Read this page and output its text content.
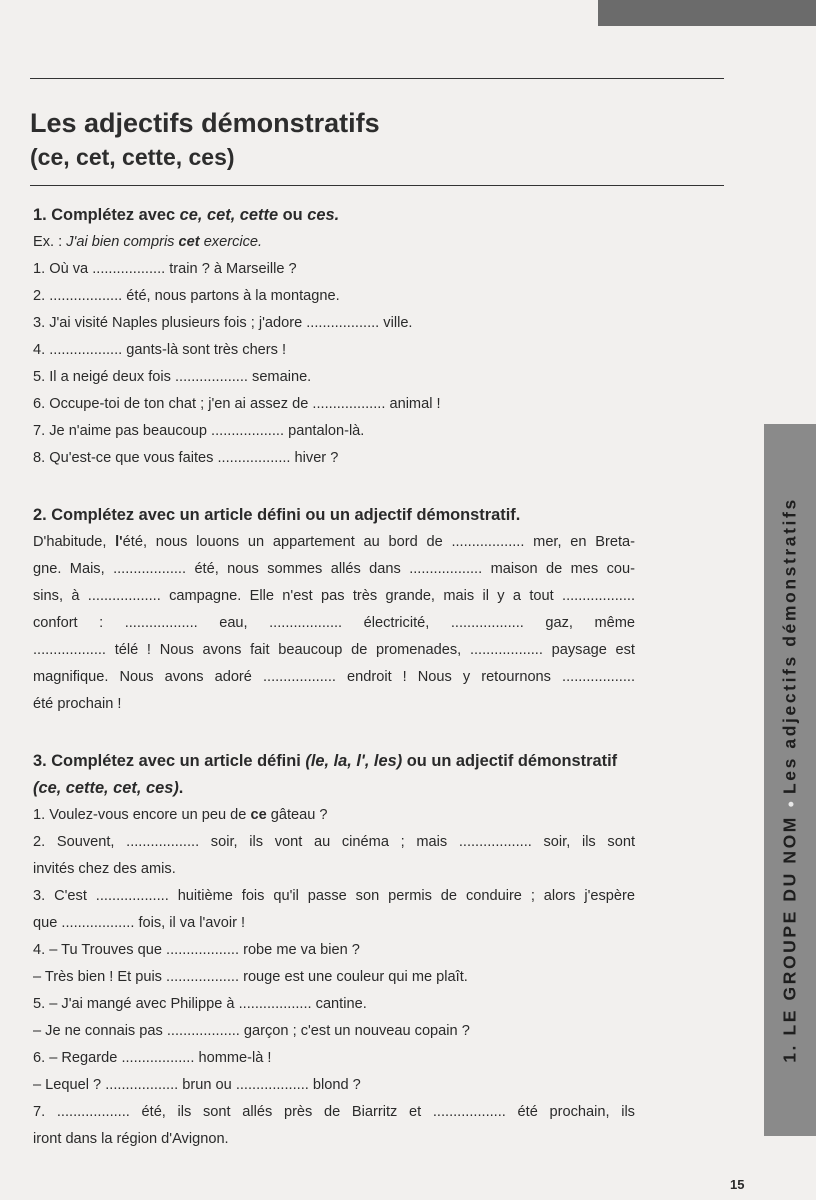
Les adjectifs démonstratifs
(ce, cet, cette, ces)
1. Complétez avec ce, cet, cette ou ces.
Ex. : J'ai bien compris cet exercice.
1. Où va .................. train ? à Marseille ?
2. .................. été, nous partons à la montagne.
3. J'ai visité Naples plusieurs fois ; j'adore .................. ville.
4. .................. gants-là sont très chers !
5. Il a neigé deux fois .................. semaine.
6. Occupe-toi de ton chat ; j'en ai assez de .................. animal !
7. Je n'aime pas beaucoup .................. pantalon-là.
8. Qu'est-ce que vous faites .................. hiver ?
2. Complétez avec un article défini ou un adjectif démonstratif.
D'habitude, l'été, nous louons un appartement au bord de .................. mer, en Breta-
gne. Mais, .................. été, nous sommes allés dans .................. maison de mes cou-
sins, à .................. campagne. Elle n'est pas très grande, mais il y a tout ..................
confort : .................. eau, .................. électricité, .................. gaz, même
.................. télé ! Nous avons fait beaucoup de promenades, .................. paysage est
magnifique. Nous avons adoré .................. endroit ! Nous y retournons ..................
été prochain !
3. Complétez avec un article défini (le, la, l', les) ou un adjectif démonstratif
(ce, cette, cet, ces).
1. Voulez-vous encore un peu de ce gâteau ?
2. Souvent, .................. soir, ils vont au cinéma ; mais .................. soir, ils sont
invités chez des amis.
3. C'est .................. huitième fois qu'il passe son permis de conduire ; alors j'espère
que .................. fois, il va l'avoir !
4. – Tu Trouves que .................. robe me va bien ?
– Très bien ! Et puis .................. rouge est une couleur qui me plaît.
5. – J'ai mangé avec Philippe à .................. cantine.
– Je ne connais pas .................. garçon ; c'est un nouveau copain ?
6. – Regarde .................. homme-là !
– Lequel ? .................. brun ou .................. blond ?
7. .................. été, ils sont allés près de Biarritz et .................. été prochain, ils
iront dans la région d'Avignon.
1. LE GROUPE DU NOMLes adjectifs démonstratifs
15
